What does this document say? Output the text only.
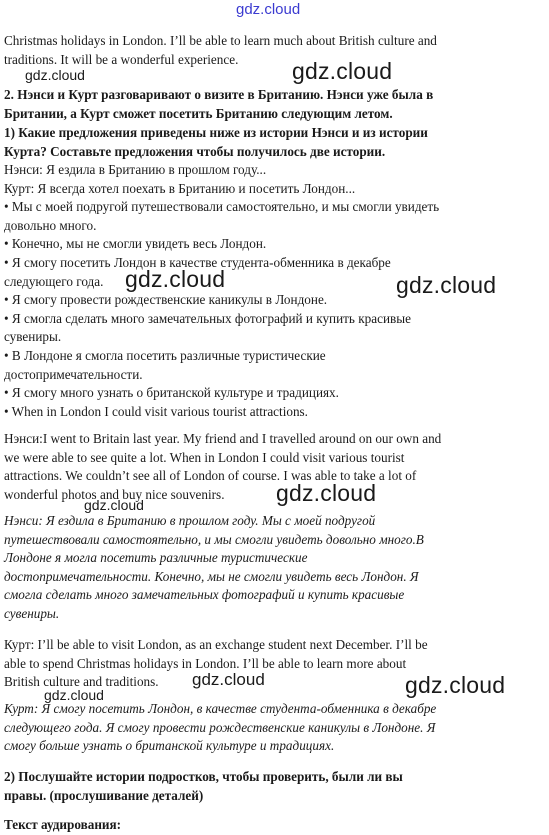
gdz.cloud
Christmas holidays in London. I’ll be able to learn much about British culture and
traditions. It will be a wonderful experience.
2. Нэнси и Курт разговаривают о визите в Британию. Нэнси уже была в
Британии, а Курт сможет посетить Британию следующим летом.
1) Какие предложения приведены ниже из истории Нэнси и из истории
Курта? Составьте предложения чтобы получилось две истории.
Нэнси: Я ездила в Британию в прошлом году...
Курт: Я всегда хотел поехать в Британию и посетить Лондон...
• Мы с моей подругой путешествовали самостоятельно, и мы смогли увидеть
довольно много.
• Конечно, мы не смогли увидеть весь Лондон.
• Я смогу посетить Лондон в качестве студента-обменника в декабре
следующего года.
• Я смогу провести рождественские каникулы в Лондоне.
• Я смогла сделать много замечательных фотографий и купить красивые
сувениры.
• В Лондоне я смогла посетить различные туристические
достопримечательности.
• Я смогу много узнать о британской культуре и традициях.
• When in London I could visit various tourist attractions.
Нэнси:I went to Britain last year. My friend and I travelled around on our own and
we were able to see quite a lot. When in London I could visit various tourist
attractions. We couldn’t see all of London of course. I was able to take a lot of
wonderful photos and buy nice souvenirs.
Нэнси: Я ездила в Британию в прошлом году. Мы с моей подругой
путешествовали самостоятельно, и мы смогли увидеть довольно много.В
Лондоне я могла посетить различные туристические
достопримечательности. Конечно, мы не смогли увидеть весь Лондон. Я
смогла сделать много замечательных фотографий и купить красивые
сувениры.
Курт: I’ll be able to visit London, as an exchange student next December. I’ll be
able to spend Christmas holidays in London. I’ll be able to learn more about
British culture and traditions.
Курт: Я смогу посетить Лондон, в качестве студента-обменника в декабре
следующего года. Я смогу провести рождественские каникулы в Лондоне. Я
смогу больше узнать о британской культуре и традициях.
2) Послушайте истории подростков, чтобы проверить, были ли вы
правы. (прослушивание деталей)
Текст аудирования:
gdz.cloud	gdz.cloud
gdz.cloud	gdz.cloud
gdz.cloud	gdz.cloud
gdz.cloud	gdz.cloud
gdz.cloud
